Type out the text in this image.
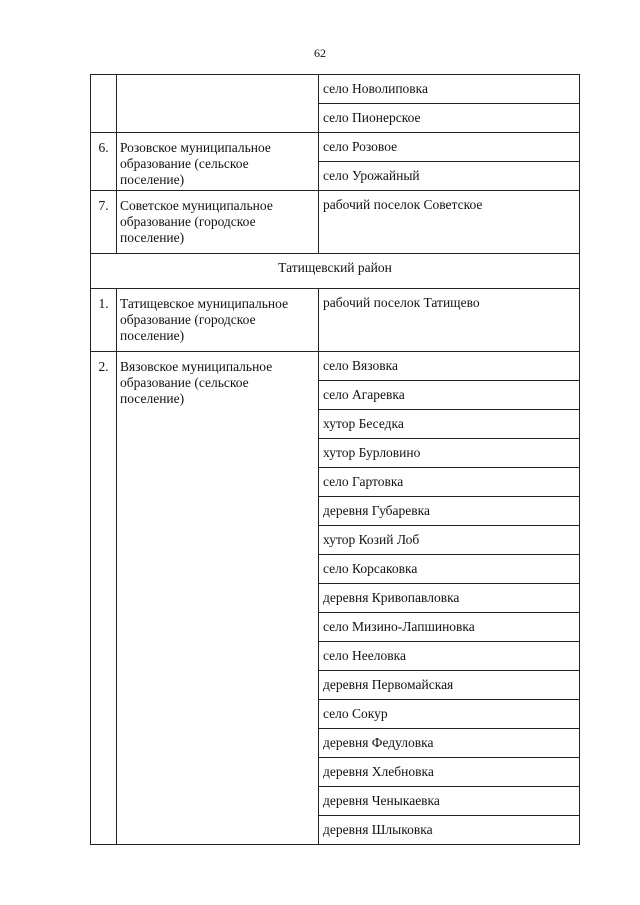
62
		село Новолиповка
		село Пионерское
6.	Розовское муниципальное образование (сельское поселение)	село Розовое
		село Урожайный
7.	Советское муниципальное образование (городское поселение)	рабочий поселок Советское
Татищевский район		
1.	Татищевское муниципальное образование (городское поселение)	рабочий поселок Татищево
2.	Вязовское муниципальное образование (сельское поселение)	село Вязовка
		село Агаревка
		хутор Беседка
		хутор Бурловино
		село Гартовка
		деревня Губаревка
		хутор Козий Лоб
		село Корсаковка
		деревня Кривопавловка
		село Мизино-Лапшиновка
		село Нееловка
		деревня Первомайская
		село Сокур
		деревня Федуловка
		деревня Хлебновка
		деревня Ченыкаевка
		деревня Шлыковка
